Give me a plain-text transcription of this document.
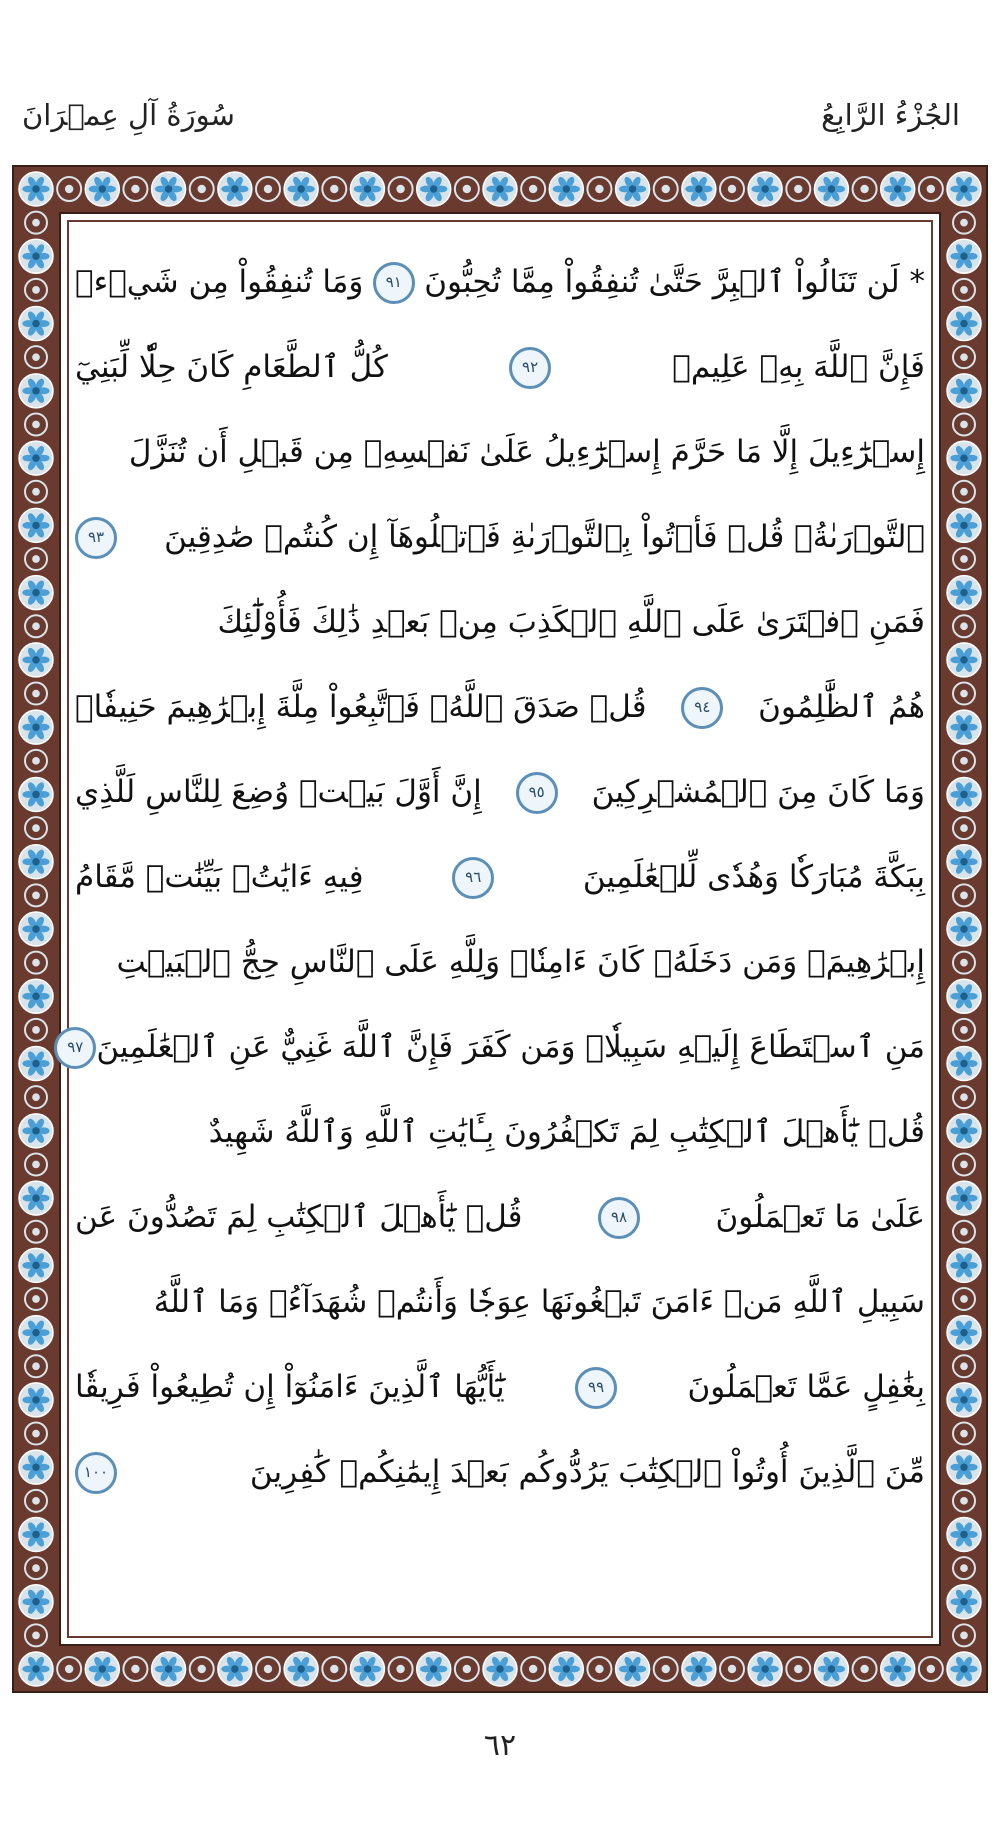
الجُزْءُ الرَّابِعُ
سُورَةُ آلِ عِمۡرَانَ
* لَن تَنَالُواْ ٱلۡبِرَّ حَتَّىٰ تُنفِقُواْ مِمَّا تُحِبُّونَ
٩١
وَمَا تُنفِقُواْ مِن شَيۡءٖ
فَإِنَّ ٱللَّهَ بِهِۦ عَلِيمٞ
٩٢
كُلُّ ٱلطَّعَامِ كَانَ حِلّٗا لِّبَنِيٓ
إِسۡرَٰٓءِيلَ إِلَّا مَا حَرَّمَ إِسۡرَٰٓءِيلُ عَلَىٰ نَفۡسِهِۦ مِن قَبۡلِ أَن تُنَزَّلَ
ٱلتَّوۡرَىٰةُۚ قُلۡ فَأۡتُواْ بِٱلتَّوۡرَىٰةِ فَٱتۡلُوهَآ إِن كُنتُمۡ صَٰدِقِينَ
٩٣
فَمَنِ ٱفۡتَرَىٰ عَلَى ٱللَّهِ ٱلۡكَذِبَ مِنۢ بَعۡدِ ذَٰلِكَ فَأُوْلَٰٓئِكَ
هُمُ ٱلظَّٰلِمُونَ
٩٤
قُلۡ صَدَقَ ٱللَّهُۗ فَٱتَّبِعُواْ مِلَّةَ إِبۡرَٰهِيمَ حَنِيفٗاۖ
وَمَا كَانَ مِنَ ٱلۡمُشۡرِكِينَ
٩٥
إِنَّ أَوَّلَ بَيۡتٖ وُضِعَ لِلنَّاسِ لَلَّذِي
بِبَكَّةَ مُبَارَكٗا وَهُدٗى لِّلۡعَٰلَمِينَ
٩٦
فِيهِ ءَايَٰتُۢ بَيِّنَٰتٞ مَّقَامُ
إِبۡرَٰهِيمَۖ وَمَن دَخَلَهُۥ كَانَ ءَامِنٗاۗ وَلِلَّهِ عَلَى ٱلنَّاسِ حِجُّ ٱلۡبَيۡتِ
مَنِ ٱسۡتَطَاعَ إِلَيۡهِ سَبِيلٗاۚ وَمَن كَفَرَ فَإِنَّ ٱللَّهَ غَنِيٌّ عَنِ ٱلۡعَٰلَمِينَ
٩٧
قُلۡ يَٰٓأَهۡلَ ٱلۡكِتَٰبِ لِمَ تَكۡفُرُونَ بِـَٔايَٰتِ ٱللَّهِ وَٱللَّهُ شَهِيدٌ
عَلَىٰ مَا تَعۡمَلُونَ
٩٨
قُلۡ يَٰٓأَهۡلَ ٱلۡكِتَٰبِ لِمَ تَصُدُّونَ عَن
سَبِيلِ ٱللَّهِ مَنۡ ءَامَنَ تَبۡغُونَهَا عِوَجٗا وَأَنتُمۡ شُهَدَآءُۗ وَمَا ٱللَّهُ
بِغَٰفِلٍ عَمَّا تَعۡمَلُونَ
٩٩
يَٰٓأَيُّهَا ٱلَّذِينَ ءَامَنُوٓاْ إِن تُطِيعُواْ فَرِيقٗا
مِّنَ ٱلَّذِينَ أُوتُواْ ٱلۡكِتَٰبَ يَرُدُّوكُم بَعۡدَ إِيمَٰنِكُمۡ كَٰفِرِينَ
١٠٠
٦٢
